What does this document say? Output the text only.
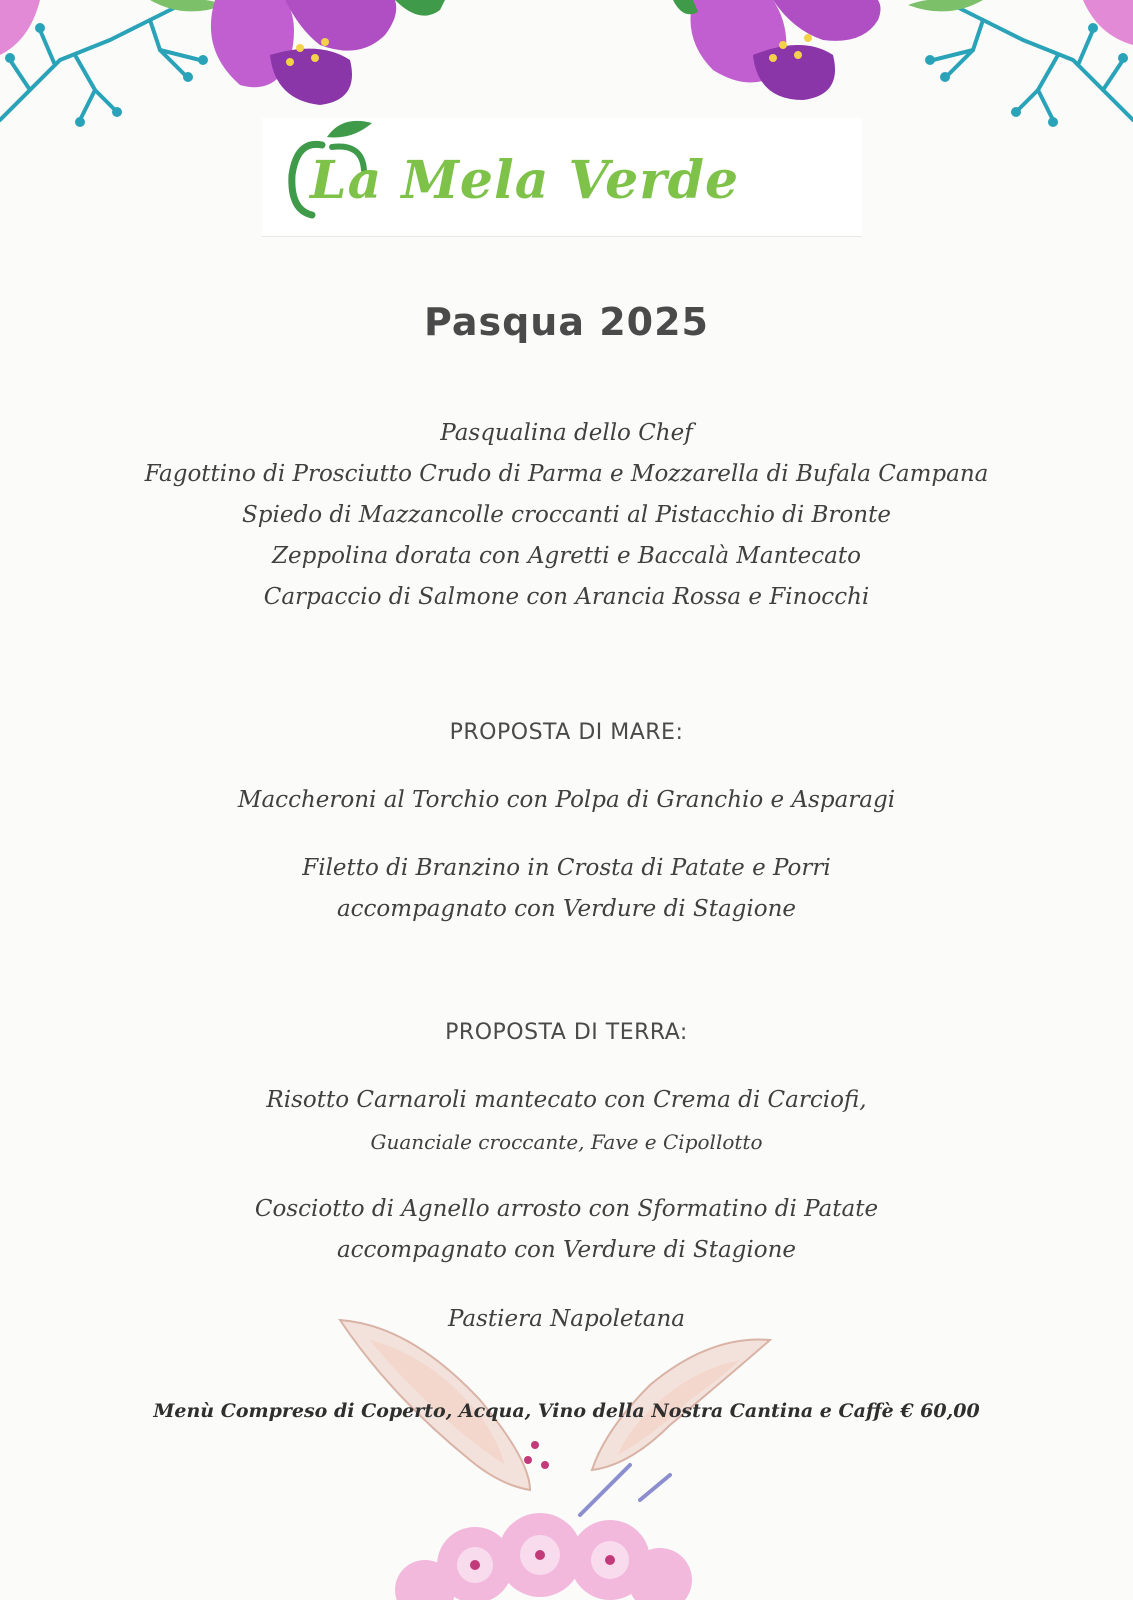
La Mela Verde
Pasqua 2025
Pasqualina dello Chef
Fagottino di Prosciutto Crudo di Parma e Mozzarella di Bufala Campana
Spiedo di Mazzancolle croccanti al Pistacchio di Bronte
Zeppolina dorata con Agretti e Baccalà Mantecato
Carpaccio di Salmone con Arancia Rossa e Finocchi
PROPOSTA DI MARE:
Maccheroni al Torchio con Polpa di Granchio e Asparagi
Filetto di Branzino in Crosta di Patate e Porri
accompagnato con Verdure di Stagione
PROPOSTA DI TERRA:
Risotto Carnaroli mantecato con Crema di Carciofi,
Guanciale croccante, Fave e Cipollotto
Cosciotto di Agnello arrosto con Sformatino di Patate
accompagnato con Verdure di Stagione
Pastiera Napoletana
Menù Compreso di Coperto, Acqua, Vino della Nostra Cantina e Caffè € 60,00
